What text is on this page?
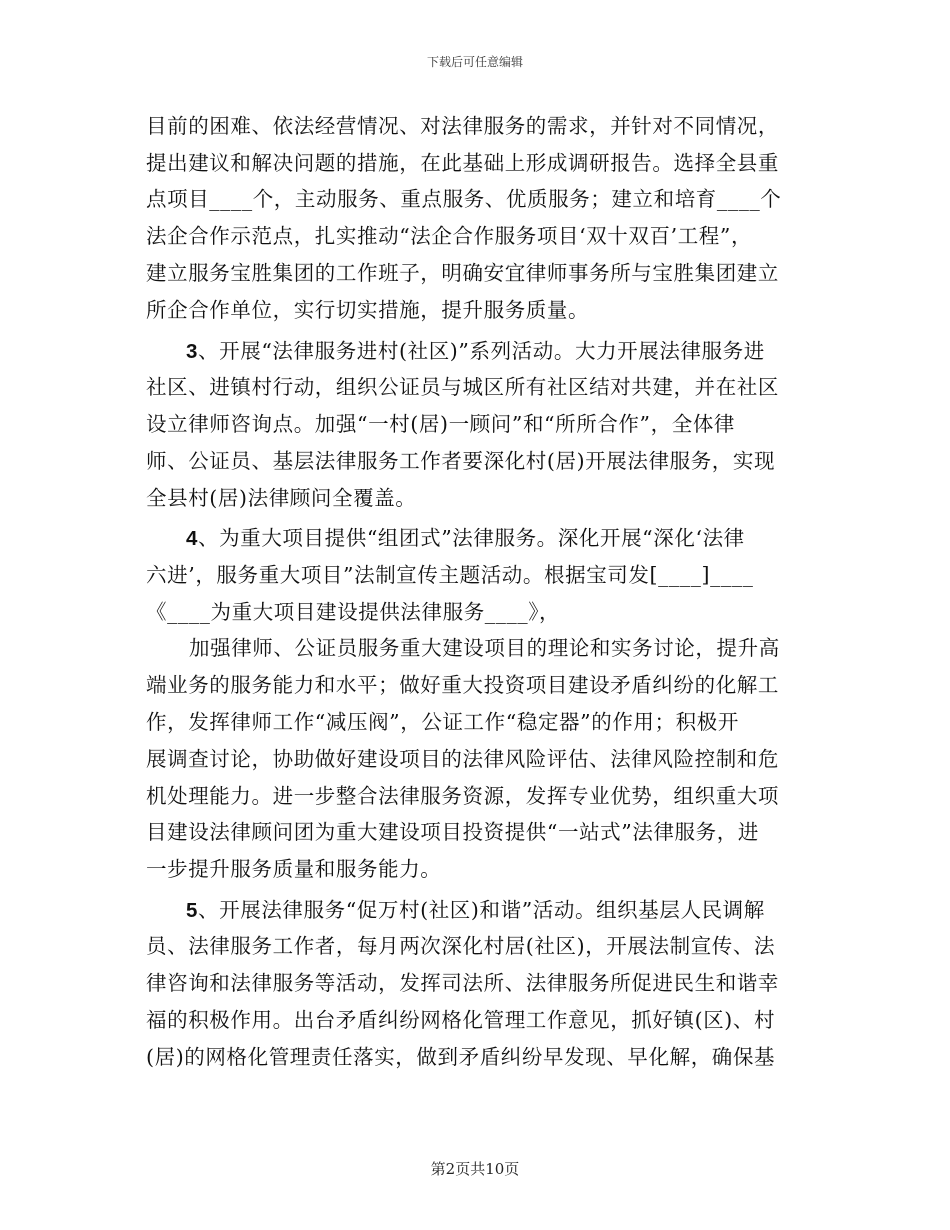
下载后可任意编辑
目前的困难、依法经营情况、对法律服务的需求，并针对不同情况，
提出建议和解决问题的措施，在此基础上形成调研报告。选择全县重
点项目____个，主动服务、重点服务、优质服务；建立和培育____个
法企合作示范点，扎实推动“法企合作服务项目‘双十双百’工程”，
建立服务宝胜集团的工作班子，明确安宜律师事务所与宝胜集团建立
所企合作单位，实行切实措施，提升服务质量。
3、开展“法律服务进村(社区)”系列活动。大力开展法律服务进
社区、进镇村行动，组织公证员与城区所有社区结对共建，并在社区
设立律师咨询点。加强“一村(居)一顾问”和“所所合作”，全体律
师、公证员、基层法律服务工作者要深化村(居)开展法律服务，实现
全县村(居)法律顾问全覆盖。
4、为重大项目提供“组团式”法律服务。深化开展“深化‘法律
六进’，服务重大项目”法制宣传主题活动。根据宝司发[____]____
《____为重大项目建设提供法律服务____》，
加强律师、公证员服务重大建设项目的理论和实务讨论，提升高
端业务的服务能力和水平；做好重大投资项目建设矛盾纠纷的化解工
作，发挥律师工作“减压阀”，公证工作“稳定器”的作用；积极开
展调查讨论，协助做好建设项目的法律风险评估、法律风险控制和危
机处理能力。进一步整合法律服务资源，发挥专业优势，组织重大项
目建设法律顾问团为重大建设项目投资提供“一站式”法律服务，进
一步提升服务质量和服务能力。
5、开展法律服务“促万村(社区)和谐”活动。组织基层人民调解
员、法律服务工作者，每月两次深化村居(社区)，开展法制宣传、法
律咨询和法律服务等活动，发挥司法所、法律服务所促进民生和谐幸
福的积极作用。出台矛盾纠纷网格化管理工作意见，抓好镇(区)、村
(居)的网格化管理责任落实，做到矛盾纠纷早发现、早化解，确保基
第2页共10页
